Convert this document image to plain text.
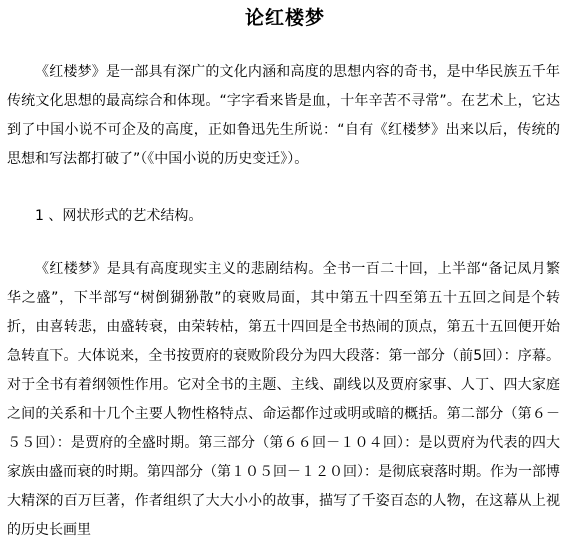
论红楼梦

《红楼梦》是一部具有深广的文化内涵和高度的思想内容的奇书，是中华民族五千年传统文化思想的最高综合和体现。“字字看来皆是血，十年辛苦不寻常”。在艺术上，它达到了中国小说不可企及的高度，正如鲁迅先生所说：“自有《红楼梦》出来以后，传统的思想和写法都打破了”（《中国小说的历史变迁》）。

1 、网状形式的艺术结构。

《红楼梦》是具有高度现实主义的悲剧结构。全书一百二十回，上半部“备记凤月繁华之盛”，下半部写“树倒猢狲散”的衰败局面，其中第五十四至第五十五回之间是个转折，由喜转悲，由盛转衰，由荣转枯，第五十四回是全书热闹的顶点，第五十五回便开始急转直下。大体说来，全书按贾府的衰败阶段分为四大段落：第一部分（前5回）：序幕。对于全书有着纲领性作用。它对全书的主题、主线、副线以及贾府家事、人丁、四大家庭之间的关系和十几个主要人物性格特点、命运都作过或明或暗的概括。第二部分（第６－５５回）：是贾府的全盛时期。第三部分（第６６回－１０４回）：是以贾府为代表的四大家族由盛而衰的时期。第四部分（第１０５回－１２０回）：是彻底衰落时期。作为一部博大精深的百万巨著，作者组织了大大小小的故事，描写了千姿百态的人物，在这幕从上视的历史长画里
